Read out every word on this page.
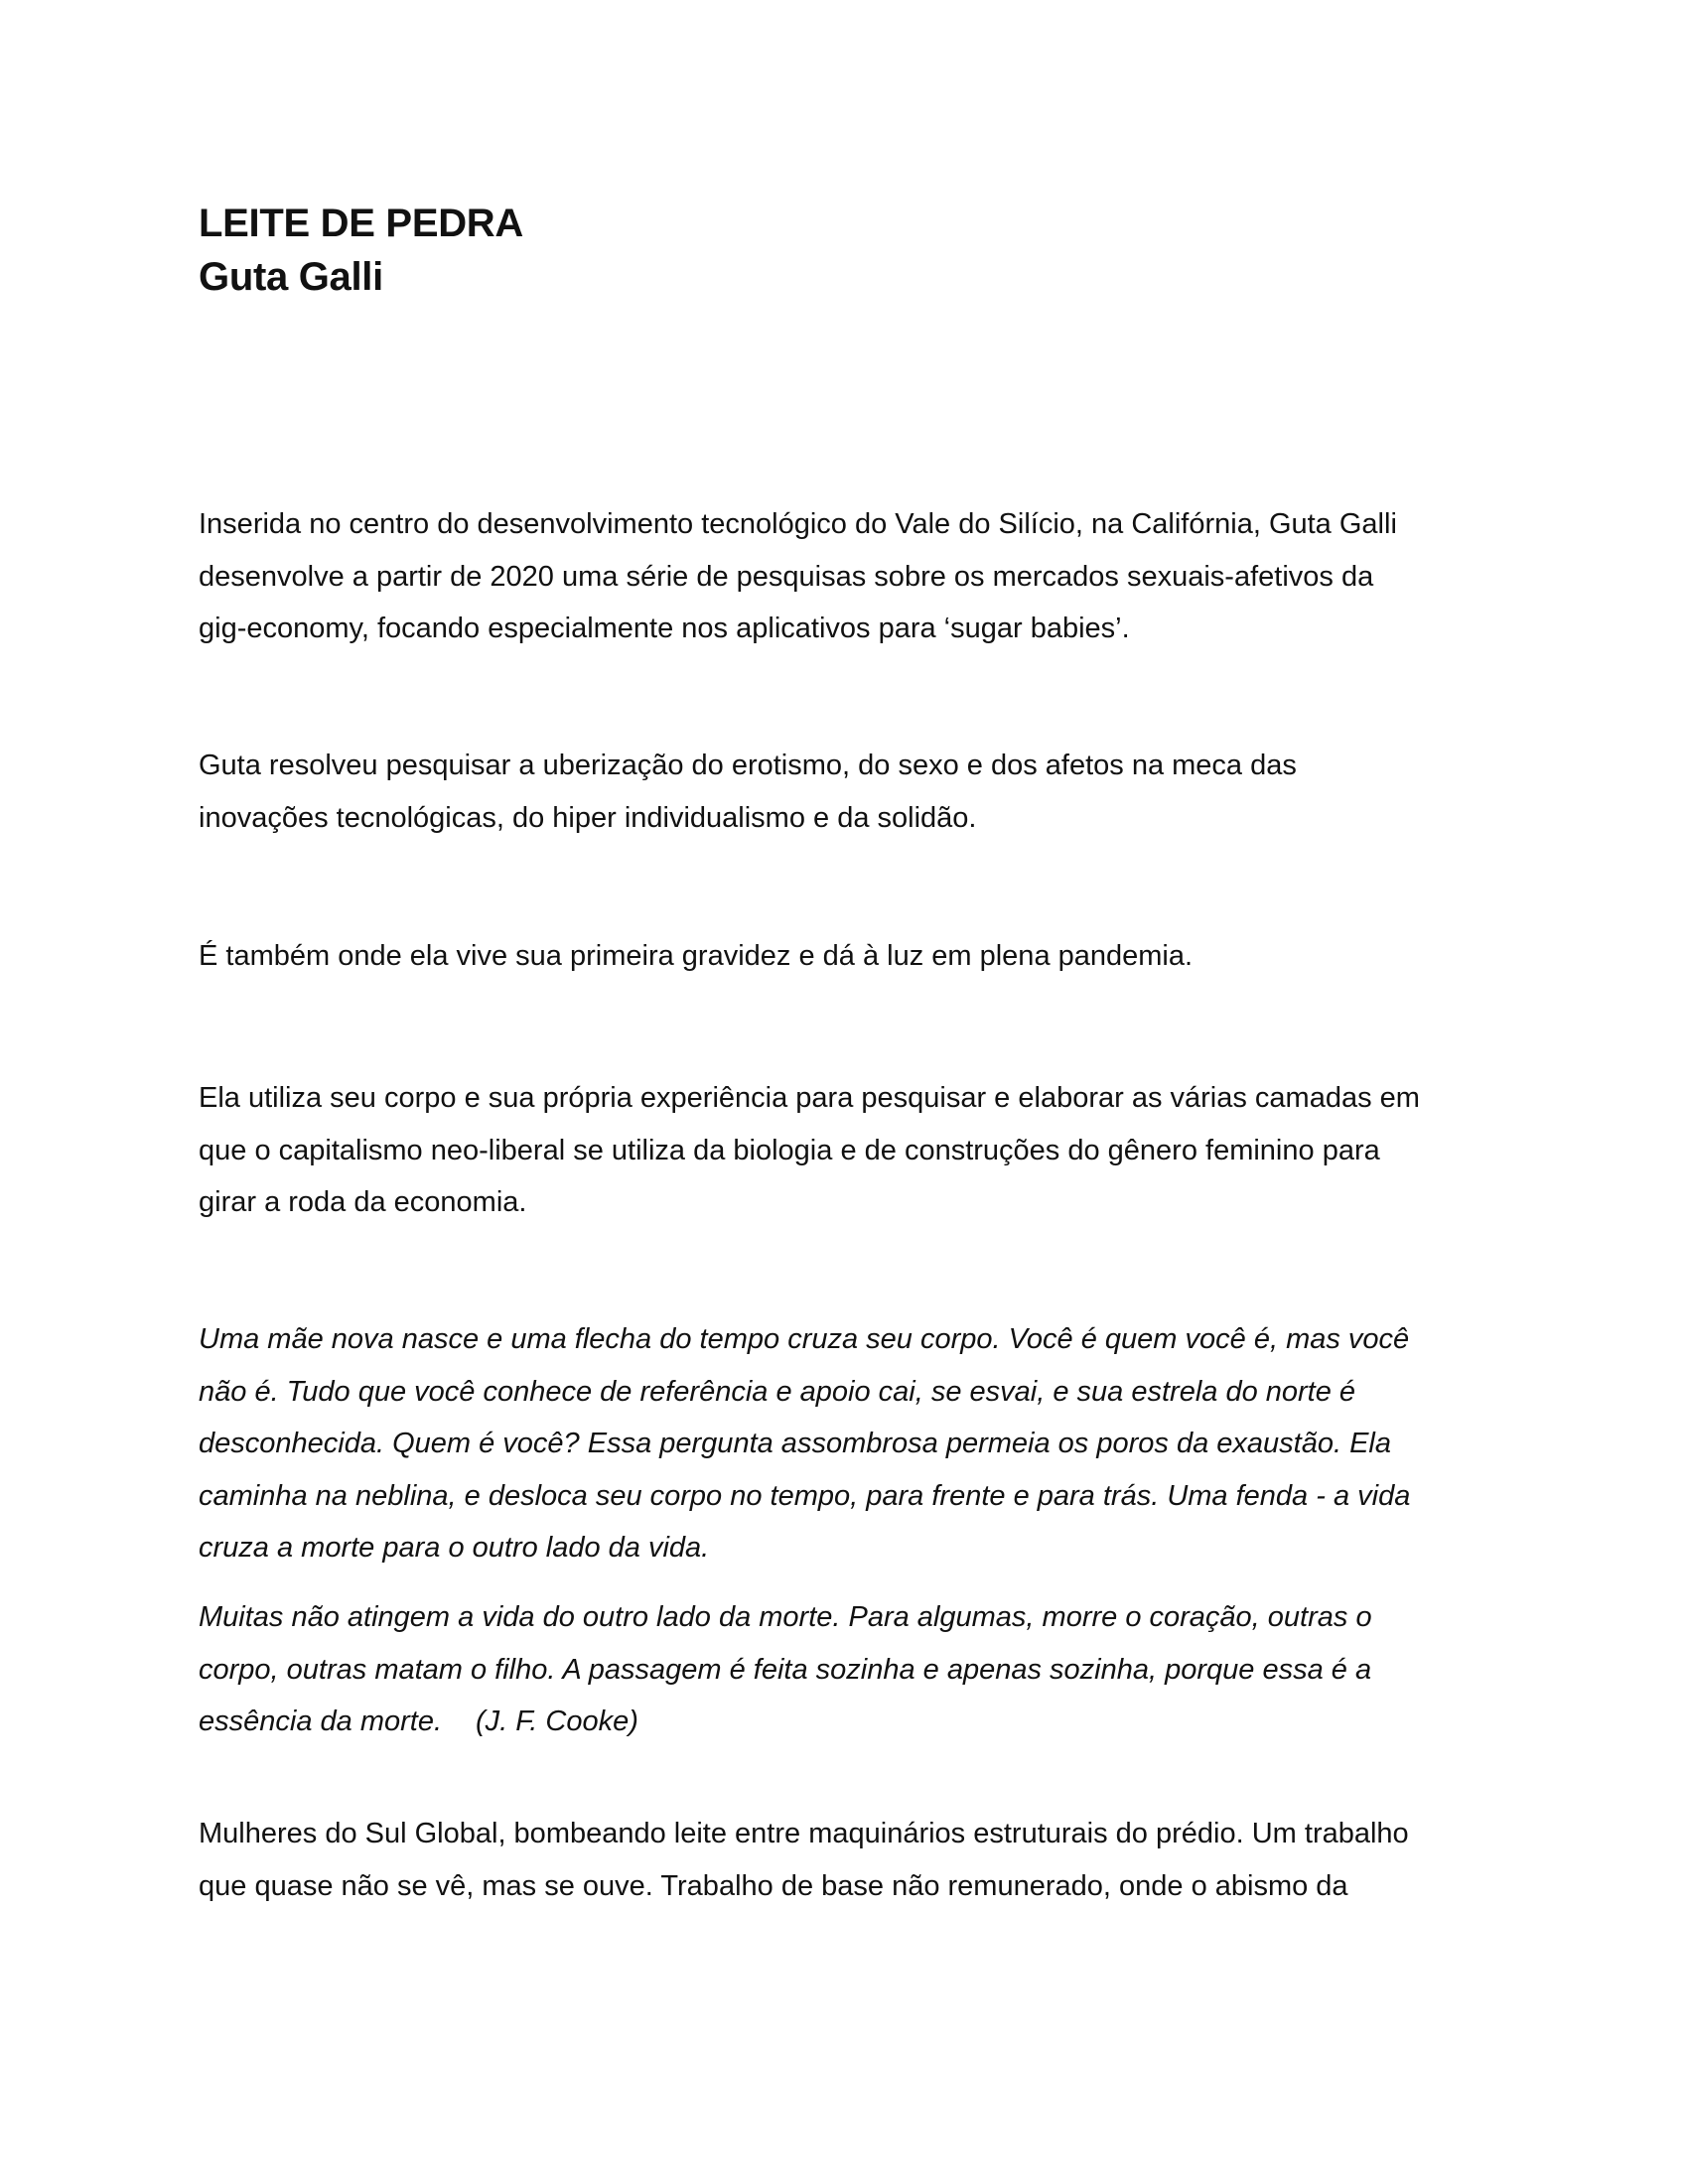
LEITE DE PEDRA
Guta Galli

Inserida no centro do desenvolvimento tecnológico do Vale do Silício, na Califórnia, Guta Galli
desenvolve a partir de 2020 uma série de pesquisas sobre os mercados sexuais-afetivos da
gig-economy, focando especialmente nos aplicativos para ‘sugar babies’.

Guta resolveu pesquisar a uberização do erotismo, do sexo e dos afetos na meca das
inovações tecnológicas, do hiper individualismo e da solidão.

É também onde ela vive sua primeira gravidez e dá à luz em plena pandemia.

Ela utiliza seu corpo e sua própria experiência para pesquisar e elaborar as várias camadas em
que o capitalismo neo-liberal se utiliza da biologia e de construções do gênero feminino para
girar a roda da economia.

Uma mãe nova nasce e uma flecha do tempo cruza seu corpo. Você é quem você é, mas você
não é. Tudo que você conhece de referência e apoio cai, se esvai, e sua estrela do norte é
desconhecida. Quem é você? Essa pergunta assombrosa permeia os poros da exaustão. Ela
caminha na neblina, e desloca seu corpo no tempo, para frente e para trás. Uma fenda - a vida
cruza a morte para o outro lado da vida.

Muitas não atingem a vida do outro lado da morte. Para algumas, morre o coração, outras o
corpo, outras matam o filho. A passagem é feita sozinha e apenas sozinha, porque essa é a
essência da morte. (J. F. Cooke)

Mulheres do Sul Global, bombeando leite entre maquinários estruturais do prédio. Um trabalho
que quase não se vê, mas se ouve. Trabalho de base não remunerado, onde o abismo da
